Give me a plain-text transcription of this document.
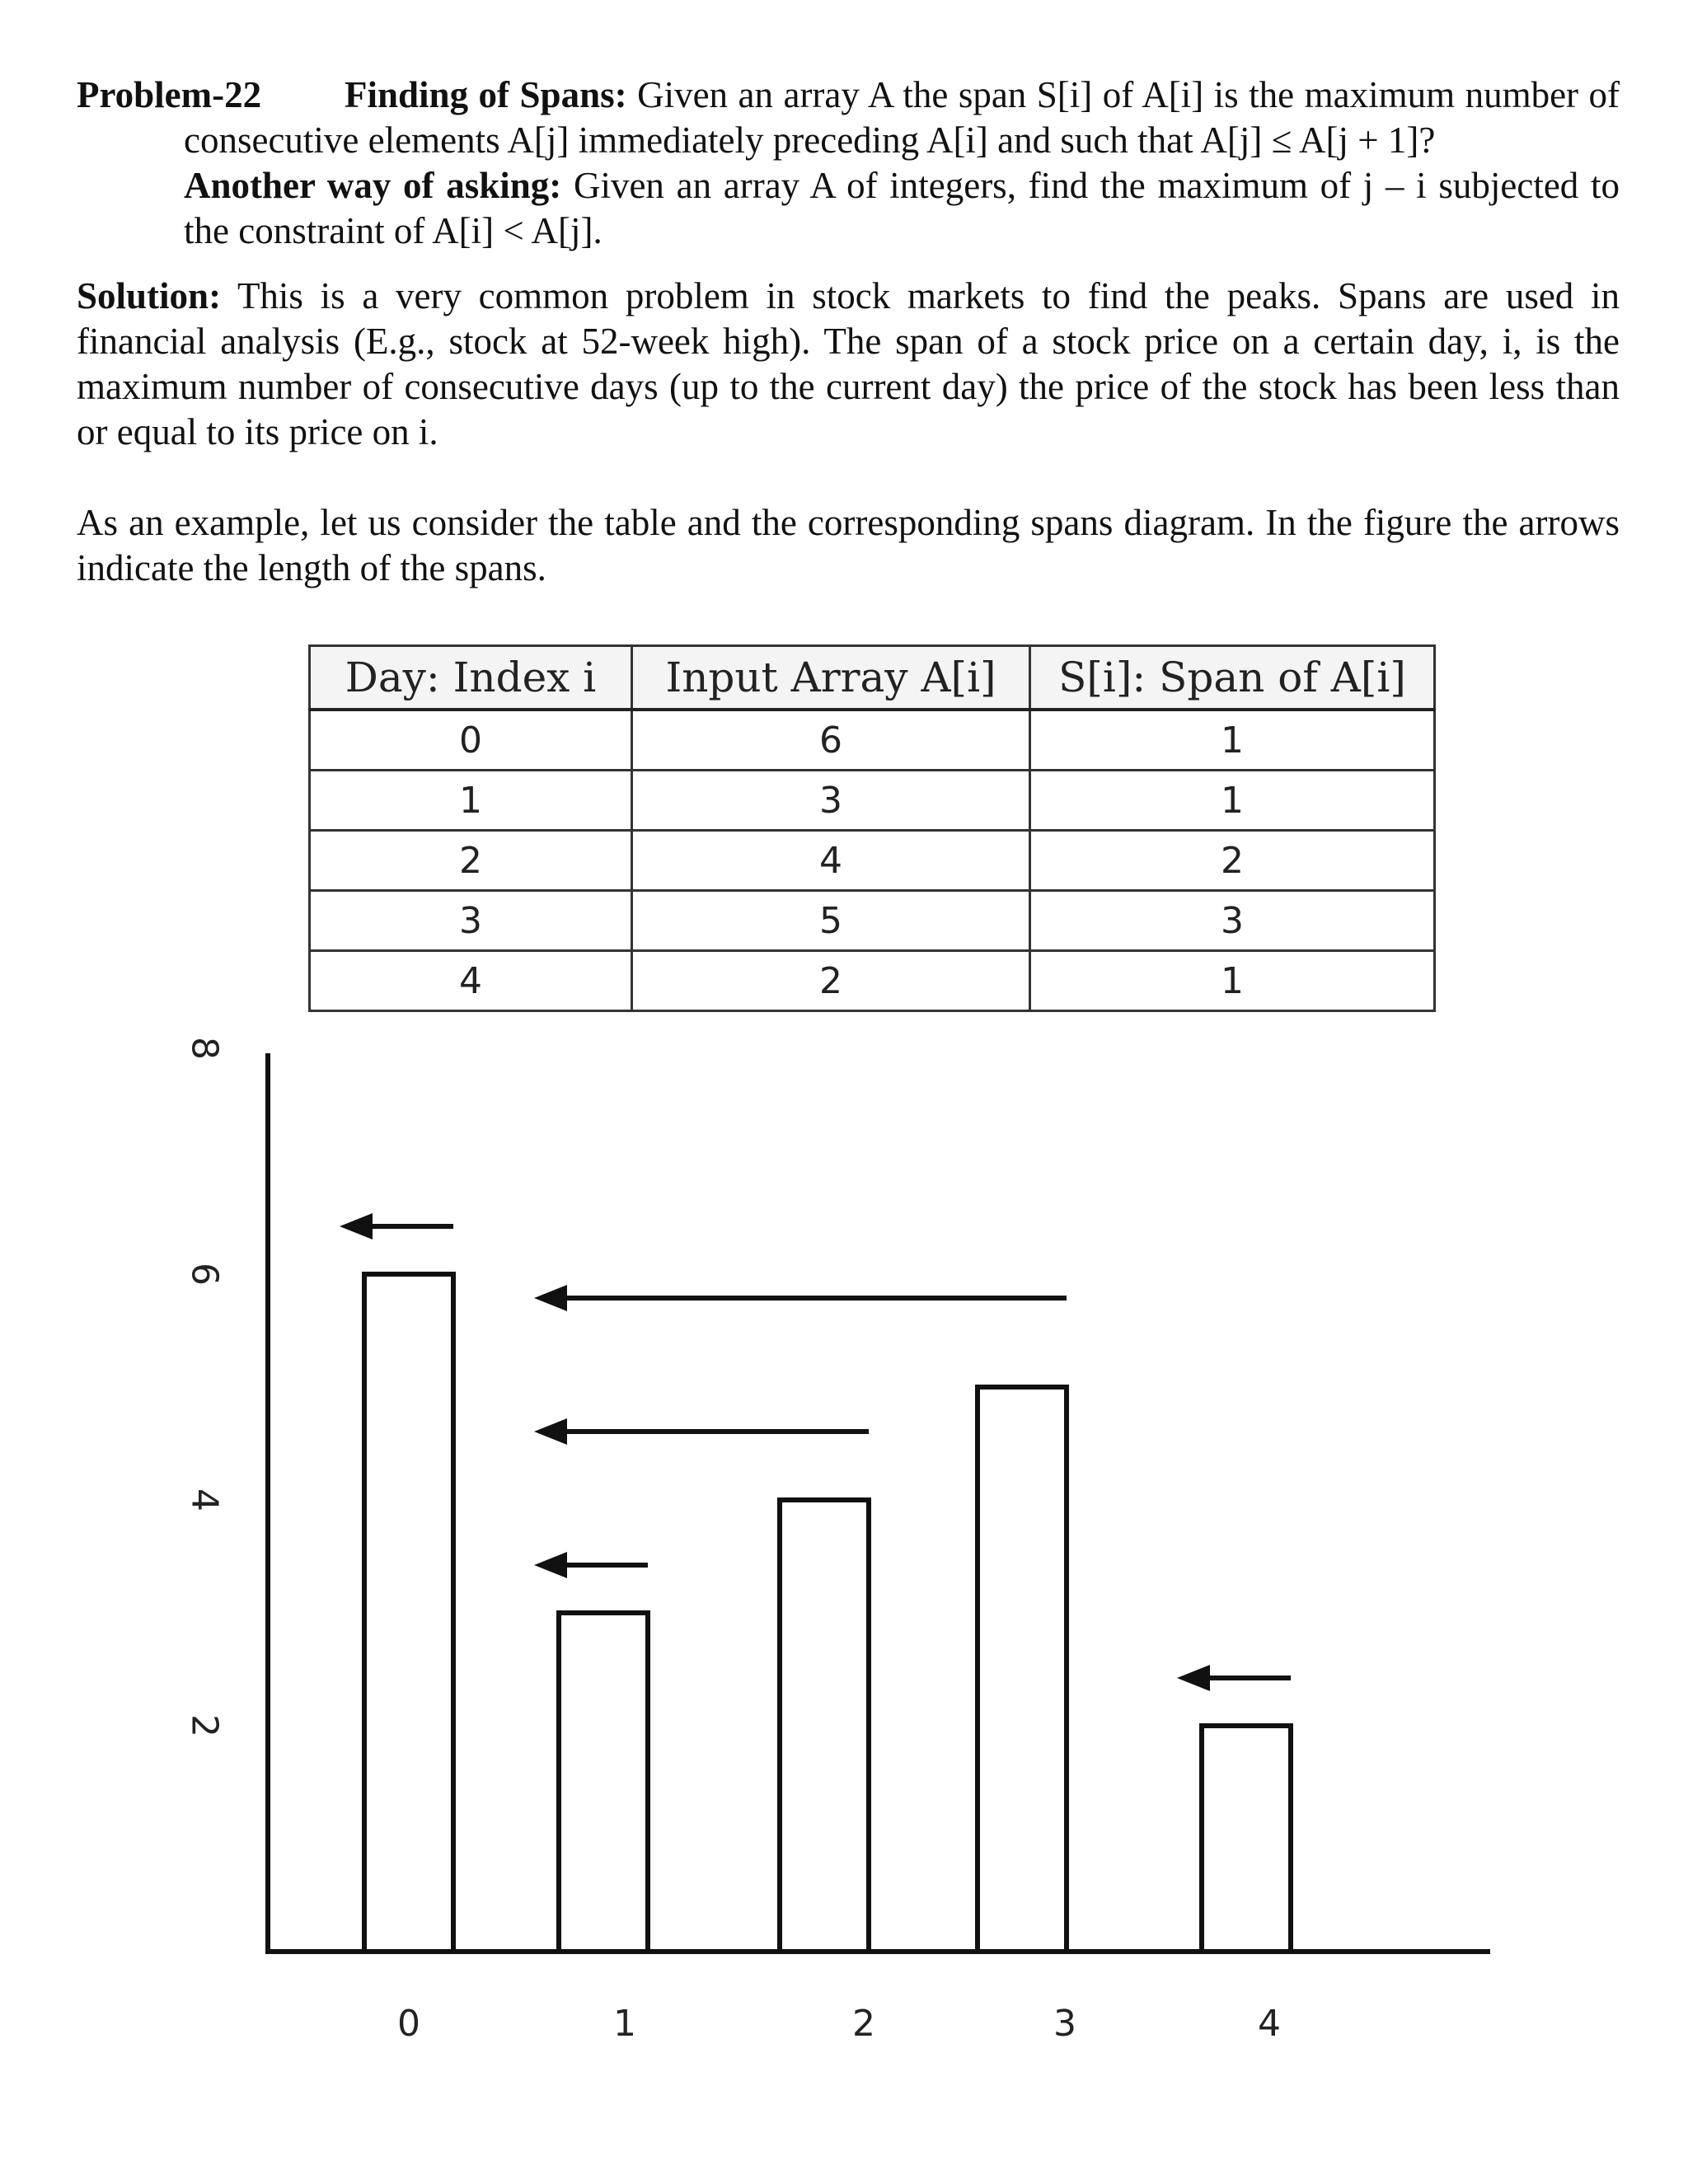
Problem-22 Finding of Spans: Given an array A the span S[i] of A[i] is the maximum number of consecutive elements A[j] immediately preceding A[i] and such that A[j] ≤ A[j + 1]?
Another way of asking: Given an array A of integers, find the maximum of j – i subjected to the constraint of A[i] < A[j].

Solution: This is a very common problem in stock markets to find the peaks. Spans are used in financial analysis (E.g., stock at 52-week high). The span of a stock price on a certain day, i, is the maximum number of consecutive days (up to the current day) the price of the stock has been less than or equal to its price on i.

As an example, let us consider the table and the corresponding spans diagram. In the figure the arrows indicate the length of the spans.

Day: Index i	Input Array A[i]	S[i]: Span of A[i]
0	6	1
1	3	1
2	4	2
3	5	3
4	2	1
2
4
6
8
0	1	2	3	4
